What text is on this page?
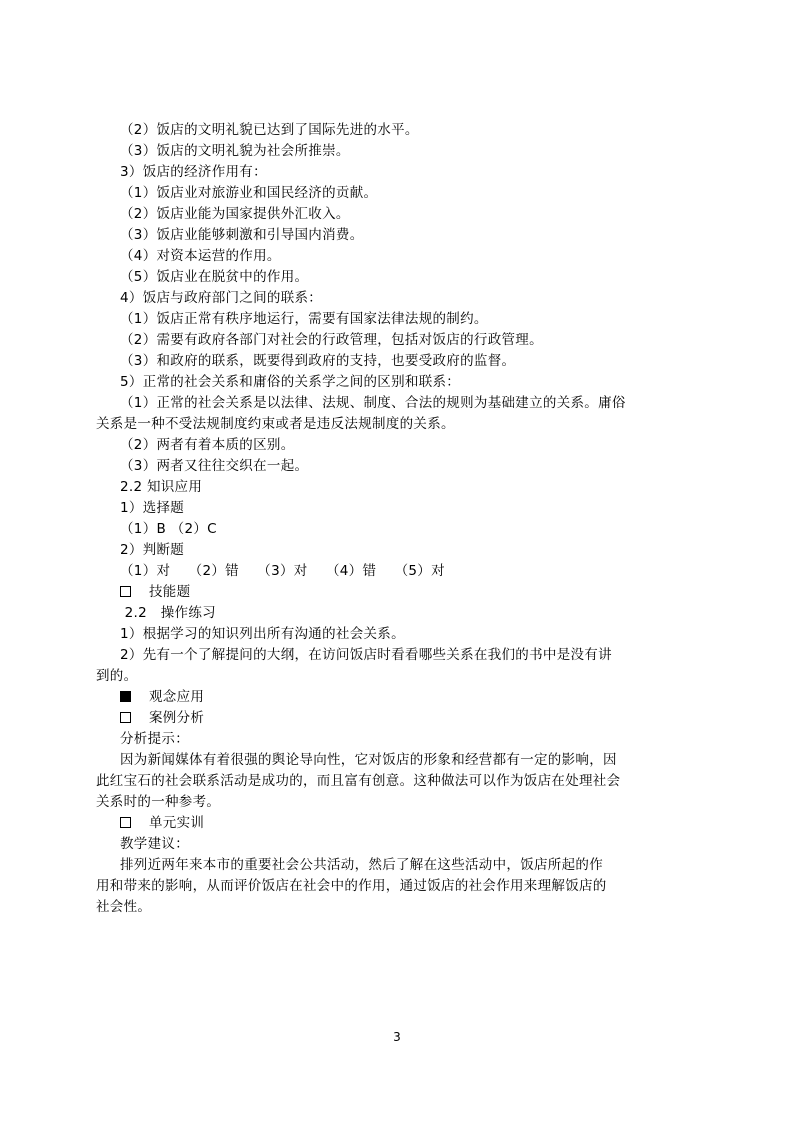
（2）饭店的文明礼貌已达到了国际先进的水平。
（3）饭店的文明礼貌为社会所推崇。
3）饭店的经济作用有：
（1）饭店业对旅游业和国民经济的贡献。
（2）饭店业能为国家提供外汇收入。
（3）饭店业能够刺激和引导国内消费。
（4）对资本运营的作用。
（5）饭店业在脱贫中的作用。
4）饭店与政府部门之间的联系：
（1）饭店正常有秩序地运行，需要有国家法律法规的制约。
（2）需要有政府各部门对社会的行政管理，包括对饭店的行政管理。
（3）和政府的联系，既要得到政府的支持，也要受政府的监督。
5）正常的社会关系和庸俗的关系学之间的区别和联系：
（1）正常的社会关系是以法律、法规、制度、合法的规则为基础建立的关系。庸俗
关系是一种不受法规制度约束或者是违反法规制度的关系。
（2）两者有着本质的区别。
（3）两者又往往交织在一起。
2.2 知识应用
1）选择题
（1）B （2）C
2）判断题
（1）对    （2）错    （3）对    （4）错    （5）对
技能题
2.2   操作练习
1）根据学习的知识列出所有沟通的社会关系。
2）先有一个了解提问的大纲，在访问饭店时看看哪些关系在我们的书中是没有讲
到的。
观念应用
案例分析
分析提示：
因为新闻媒体有着很强的舆论导向性，它对饭店的形象和经营都有一定的影响，因
此红宝石的社会联系活动是成功的，而且富有创意。这种做法可以作为饭店在处理社会
关系时的一种参考。
单元实训
教学建议：
排列近两年来本市的重要社会公共活动，然后了解在这些活动中，饭店所起的作
用和带来的影响，从而评价饭店在社会中的作用，通过饭店的社会作用来理解饭店的
社会性。
3
